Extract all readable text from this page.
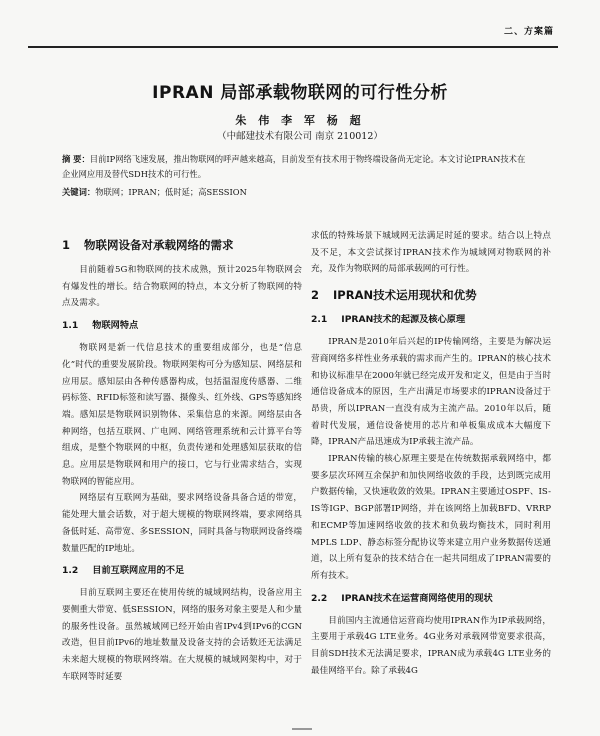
二、方案篇
IPRAN 局部承载物联网的可行性分析
朱 伟 李 军 杨 超
（中邮建技术有限公司 南京 210012）
摘 要：目前IP网络飞速发展，推出物联网的呼声越来越高，目前发至有技术用于物终端设备尚无定论。本文讨论IPRAN技术在企业网应用及替代SDH技术的可行性。
关键词：物联网；IPRAN；低时延；高SESSION
1 物联网设备对承载网络的需求

目前随着5G和物联网的技术成熟，预计2025年物联网会有爆发性的增长。结合物联网的特点，本文分析了物联网的特点及需求。

1.1 物联网特点

物联网是新一代信息技术的重要组成部分，也是“信息化”时代的重要发展阶段。物联网架构可分为感知层、网络层和应用层。感知层由各种传感器构成，包括温湿度传感器、二维码标签、RFID标签和读写器、摄像头、红外线、GPS等感知终端。感知层是物联网识别物体、采集信息的来源。网络层由各种网络，包括互联网、广电网、网络管理系统和云计算平台等组成，是整个物联网的中枢，负责传递和处理感知层获取的信息。应用层是物联网和用户的接口，它与行业需求结合，实现物联网的智能应用。

网络层有互联网为基础，要求网络设备具备合适的带宽，能处理大量会话数，对于超大规模的物联网终端，要求网络具备低时延、高带宽、多SESSION，同时具备与物联网设备终端数量匹配的IP地址。

1.2 目前互联网应用的不足

目前互联网主要还在使用传统的城域网结构，设备应用主要侧重大带宽、低SESSION，网络的服务对象主要是人和少量的服务性设备。虽然城域网已经开始由省IPv4到IPv6的CGN改造，但目前IPv6的地址数量及设备支持的会话数还无法满足未来超大规模的物联网终端。在大规模的城域网架构中，对于车联网等时延要

求低的特殊场景下城域网无法满足时延的要求。结合以上特点及不足，本文尝试探讨IPRAN技术作为城域网对物联网的补充，及作为物联网的局部承载网的可行性。

2 IPRAN技术运用现状和优势
2.1 IPRAN技术的起源及核心原理

IPRAN是2010年后兴起的IP传输网络，主要是为解决运营商网络多样性业务承载的需求而产生的。IPRAN的核心技术和协议标准早在2000年就已经完成开发和定义，但是由于当时通信设备成本的原因，生产出满足市场要求的IPRAN设备过于昂贵，所以IPRAN一直没有成为主流产品。2010年以后，随着时代发展，通信设备使用的芯片和单板集成成本大幅度下降，IPRAN产品迅速成为IP承载主流产品。

IPRAN传输的核心原理主要是在传统数据承载网络中，都要多层次环网互余保护和加快网络收敛的手段，达到既完成用户数据传输，又快速收敛的效果。IPRAN主要通过OSPF、IS-IS等IGP、BGP部署IP网络，并在该网络上加载BFD、VRRP和ECMP等加速网络收敛的技术和负载均衡技术，同时利用MPLS LDP、静态标签分配协议等来建立用户业务数据传送通道，以上所有复杂的技术结合在一起共同组成了IPRAN需要的所有技术。

2.2 IPRAN技术在运营商网络使用的现状

目前国内主流通信运营商均使用IPRAN作为IP承载网络，主要用于承载4G LTE业务。4G业务对承载网带宽要求很高，目前SDH技术无法满足要求，IPRAN成为承载4G LTE业务的最佳网络平台。除了承载4G
